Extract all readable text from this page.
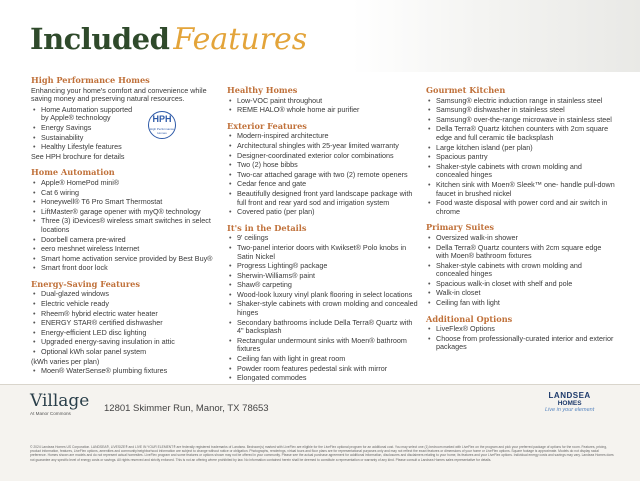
Included Features
HPH
High Performance Homes
High Performance Homes
Enhancing your home's comfort and convenience while saving money and preserving natural resources.
• Home Automation supported by Apple® technology
• Energy Savings
• Sustainability
• Healthy Lifestyle features
See HPH brochure for details
Home Automation
• Apple® HomePod mini®
• Cat 6 wiring
• Honeywell® T6 Pro Smart Thermostat
• LiftMaster® garage opener with myQ® technology
• Three (3) iDevices® wireless smart switches in select locations
• Doorbell camera pre-wired
• eero meshnet wireless Internet
• Smart home activation service provided by Best Buy®
• Smart front door lock
Energy-Saving Features
• Dual-glazed windows
• Electric vehicle ready
• Rheem® hybrid electric water heater
• ENERGY STAR® certified dishwasher
• Energy-efficient LED disc lighting
• Upgraded energy-saving insulation in attic
• Optional kWh solar panel system
(kWh varies per plan)
• Moen® WaterSense® plumbing fixtures
Healthy Homes
• Low-VOC paint throughout
• REME HALO® whole home air purifier
Exterior Features
• Modern-inspired architecture
• Architectural shingles with 25-year limited warranty
• Designer-coordinated exterior color combinations
• Two (2) hose bibbs
• Two-car attached garage with two (2) remote openers
• Cedar fence and gate
• Beautifully designed front yard landscape package with full front and rear yard sod and irrigation system
• Covered patio (per plan)
It's in the Details
• 9' ceilings
• Two-panel interior doors with Kwikset® Polo knobs in Satin Nickel
• Progress Lighting® package
• Sherwin-Williams® paint
• Shaw® carpeting
• Wood-look luxury vinyl plank flooring in select locations
• Shaker-style cabinets with crown molding and concealed hinges
• Secondary bathrooms include Della Terra® Quartz with 4" backsplash
• Rectangular undermount sinks with Moen® bathroom fixtures
• Ceiling fan with light in great room
• Powder room features pedestal sink with mirror
• Elongated commodes
•
Gourmet Kitchen
• Samsung® electric induction range in stainless steel
• Samsung® dishwasher in stainless steel
• Samsung® over-the-range microwave in stainless steel
• Della Terra® Quartz kitchen counters with 2cm square edge and full ceramic tile backsplash
• Large kitchen island (per plan)
• Spacious pantry
• Shaker-style cabinets with crown molding and concealed hinges
• Kitchen sink with Moen® Sleek™ one- handle pull-down faucet in brushed nickel
• Food waste disposal with power cord and air switch in chrome
Primary Suites
• Oversized walk-in shower
• Della Terra® Quartz counters with 2cm square edge with Moen® bathroom fixtures
• Shaker-style cabinets with crown molding and concealed hinges
• Spacious walk-in closet with shelf and pole
• Walk-in closet
• Ceiling fan with light
Additional Options
• LiveFlex® Options
• Choose from professionally-curated interior and exterior packages
Village
At Manor Commons	12801 Skimmer Run, Manor, TX 78653
LANDSEA
HOMES
Live in your element
© 2024 Landsea Homes US Corporation. LANDSEA®, LIVESIZE® and LIVE IN YOUR ELEMENT® are federally registered trademarks of Landsea. Bedroom(s) marked with LiveFlex are eligible for the LiveFlex optional program for an additional cost. You may select one (1) bedroom marked with LiveFlex on the program and pick your preferred package of options for the room. Features, pricing, product information, features, LiveFlex options, amenities and community/neighborhood information are subject to change without notice or obligation. Photographs, renderings, virtual tours and floor plans are for representational purposes only and may not reflect the exact features or dimensions of your home or LiveFlex options. Square footage is approximate. Models do not display racial preference. Homes shown are models and do not represent actual homesites. LiveFlex program and some features or options shown may not be offered in your community. Please see the actual purchase agreement for additional information, disclosures and disclaimers relating to your home, its features and your LiveFlex options. Individual energy costs and savings may vary. Landsea Homes does not guarantee any specific level of energy costs or savings. All rights reserved and strictly enforced. This is not an offering where prohibited by law. No information contained herein shall be deemed to constitute a representation or warranty of any kind. Please consult a Landsea Homes sales representative for details.
